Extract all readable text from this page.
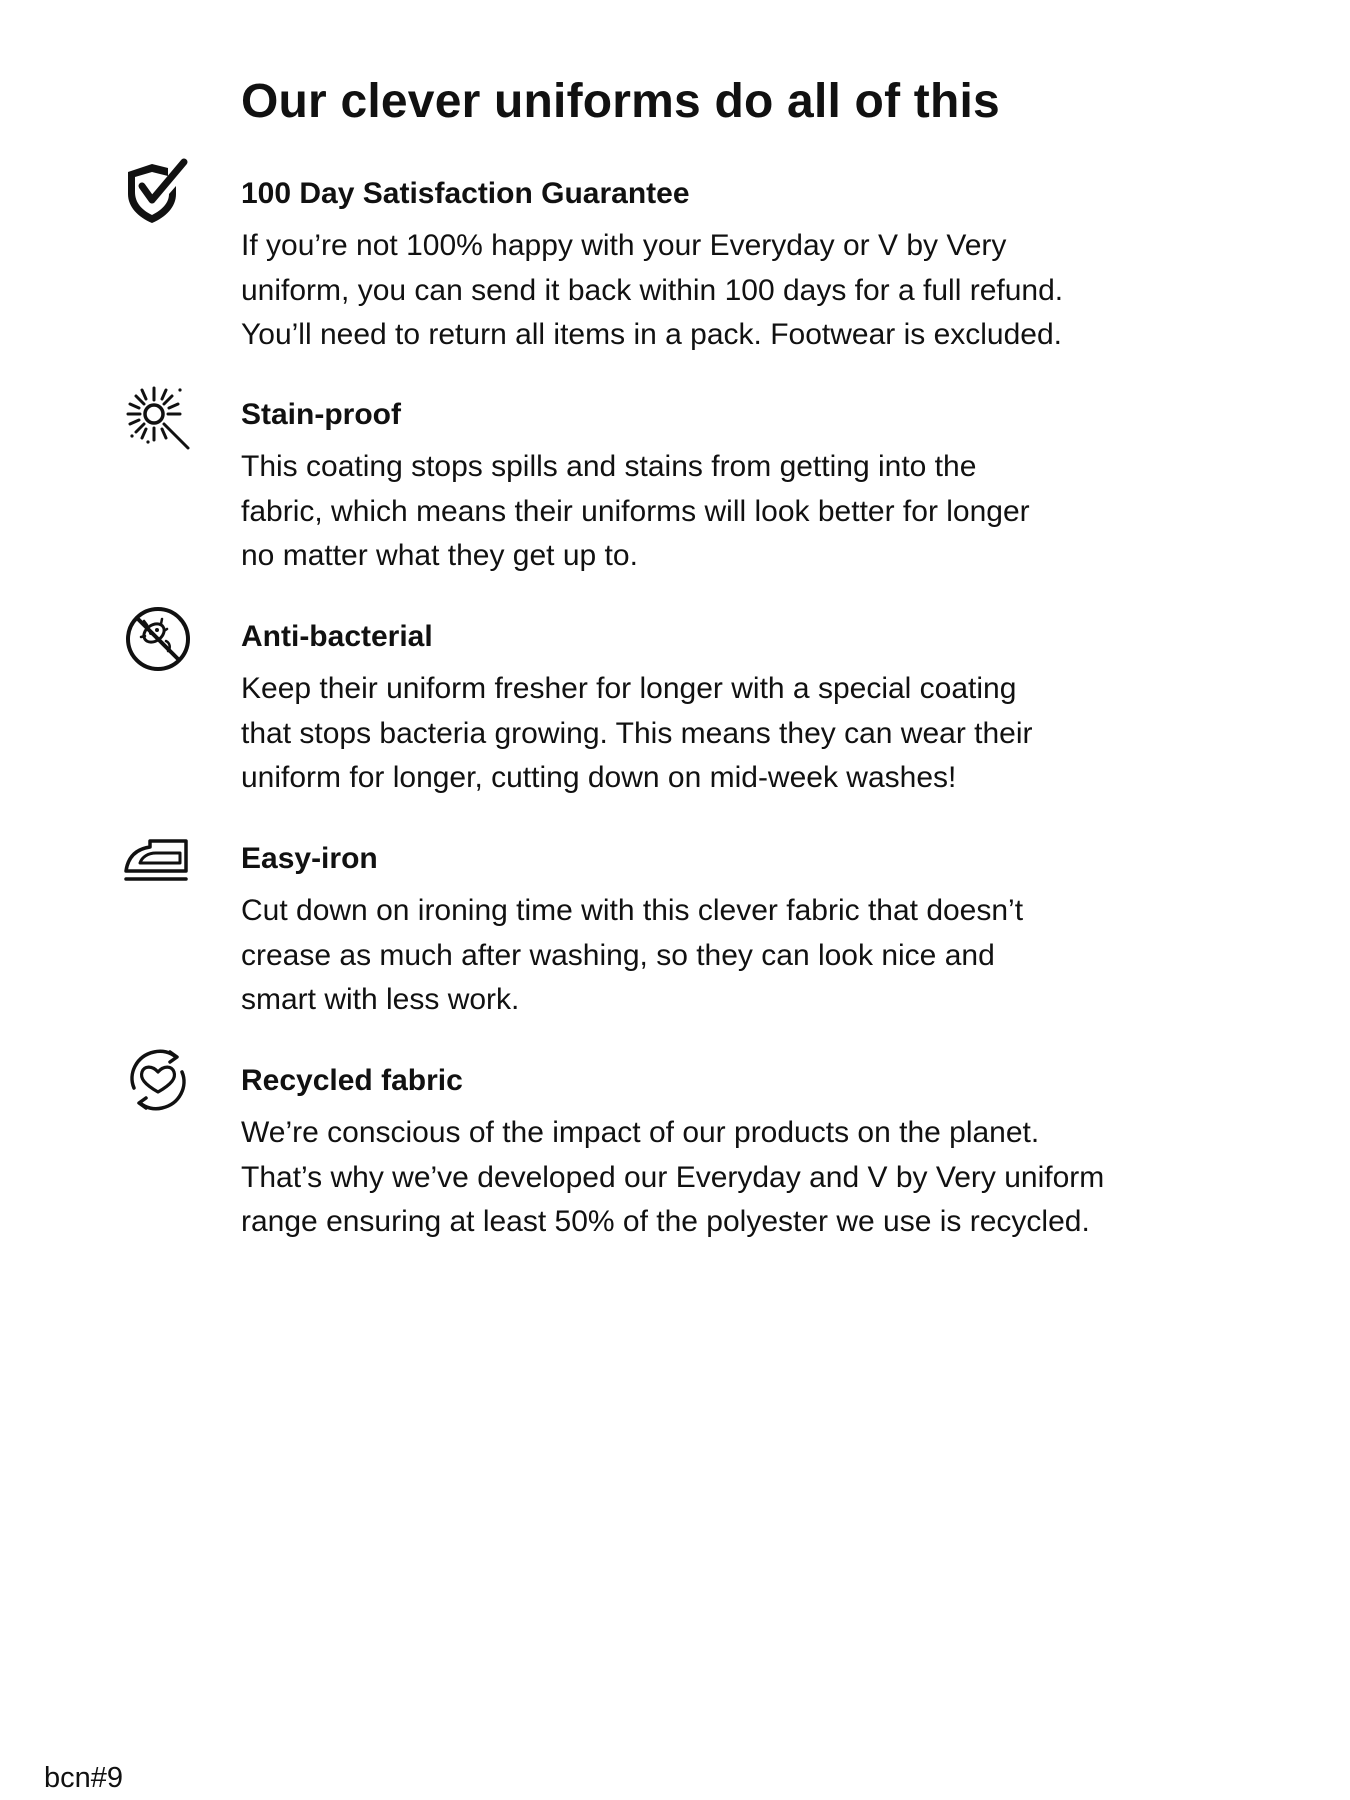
Our clever uniforms do all of this
100 Day Satisfaction Guarantee

If you’re not 100% happy with your Everyday or V by Very
uniform, you can send it back within 100 days for a full refund.
You’ll need to return all items in a pack. Footwear is excluded.

Stain-proof

This coating stops spills and stains from getting into the
fabric, which means their uniforms will look better for longer
no matter what they get up to.

Anti-bacterial

Keep their uniform fresher for longer with a special coating
that stops bacteria growing. This means they can wear their
uniform for longer, cutting down on mid-week washes!

Easy-iron

Cut down on ironing time with this clever fabric that doesn’t
crease as much after washing, so they can look nice and
smart with less work.

Recycled fabric

We’re conscious of the impact of our products on the planet.
That’s why we’ve developed our Everyday and V by Very uniform
range ensuring at least 50% of the polyester we use is recycled.

bcn#9
